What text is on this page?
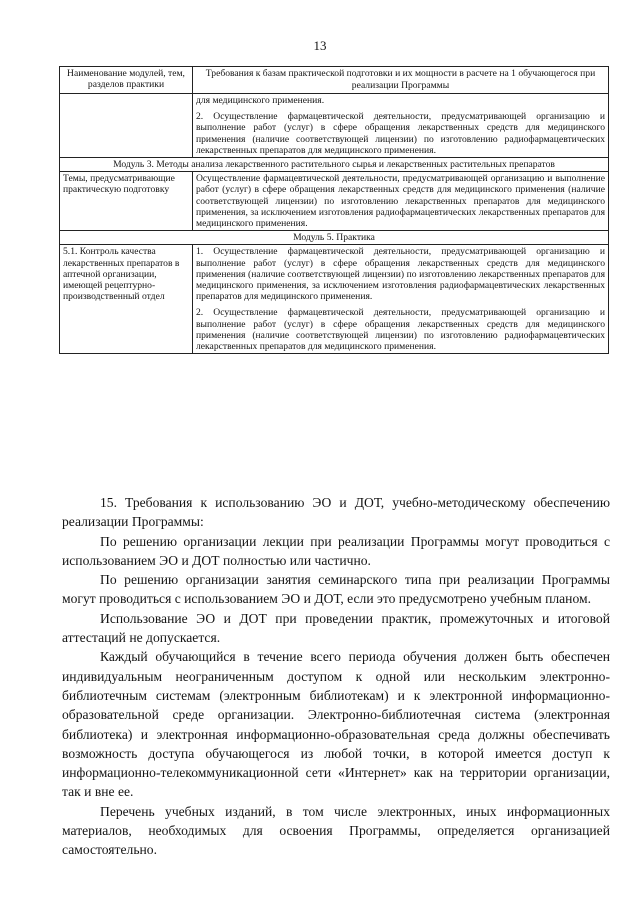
13
Наименование модулей, тем, разделов практики	Требования к базам практической подготовки и их мощности в расчете на 1 обучающегося при реализации Программы

	для медицинского применения.

2. Осуществление фармацевтической деятельности, предусматривающей организацию и выполнение работ (услуг) в сфере обращения лекарственных средств для медицинского применения (наличие соответствующей лицензии) по изготовлению радиофармацевтических лекарственных препаратов для медицинского применения.

Модуль 3. Методы анализа лекарственного растительного сырья и лекарственных растительных препаратов	
Темы, предусматривающие практическую подготовку	Осуществление фармацевтической деятельности, предусматривающей организацию и выполнение работ (услуг) в сфере обращения лекарственных средств для медицинского применения (наличие соответствующей лицензии) по изготовлению лекарственных препаратов для медицинского применения, за исключением изготовления радиофармацевтических лекарственных препаратов для медицинского применения.
Модуль 5. Практика	
5.1. Контроль качества лекарственных препаратов в аптечной организации, имеющей рецептурно-производственный отдел	1. Осуществление фармацевтической деятельности, предусматривающей организацию и выполнение работ (услуг) в сфере обращения лекарственных средств для медицинского применения (наличие соответствующей лицензии) по изготовлению лекарственных препаратов для медицинского применения, за исключением изготовления радиофармацевтических лекарственных препаратов для медицинского применения.

2. Осуществление фармацевтической деятельности, предусматривающей организацию и выполнение работ (услуг) в сфере обращения лекарственных средств для медицинского применения (наличие соответствующей лицензии) по изготовлению радиофармацевтических лекарственных препаратов для медицинского применения.

15. Требования к использованию ЭО и ДОТ, учебно-методическому обеспечению реализации Программы:

По решению организации лекции при реализации Программы могут проводиться с использованием ЭО и ДОТ полностью или частично.

По решению организации занятия семинарского типа при реализации Программы могут проводиться с использованием ЭО и ДОТ, если это предусмотрено учебным планом.

Использование ЭО и ДОТ при проведении практик, промежуточных и итоговой аттестаций не допускается.

Каждый обучающийся в течение всего периода обучения должен быть обеспечен индивидуальным неограниченным доступом к одной или нескольким электронно-библиотечным системам (электронным библиотекам) и к электронной информационно-образовательной среде организации. Электронно-библиотечная система (электронная библиотека) и электронная информационно-образовательная среда должны обеспечивать возможность доступа обучающегося из любой точки, в которой имеется доступ к информационно-телекоммуникационной сети «Интернет» как на территории организации, так и вне ее.

Перечень учебных изданий, в том числе электронных, иных информационных материалов, необходимых для освоения Программы, определяется организацией самостоятельно.
